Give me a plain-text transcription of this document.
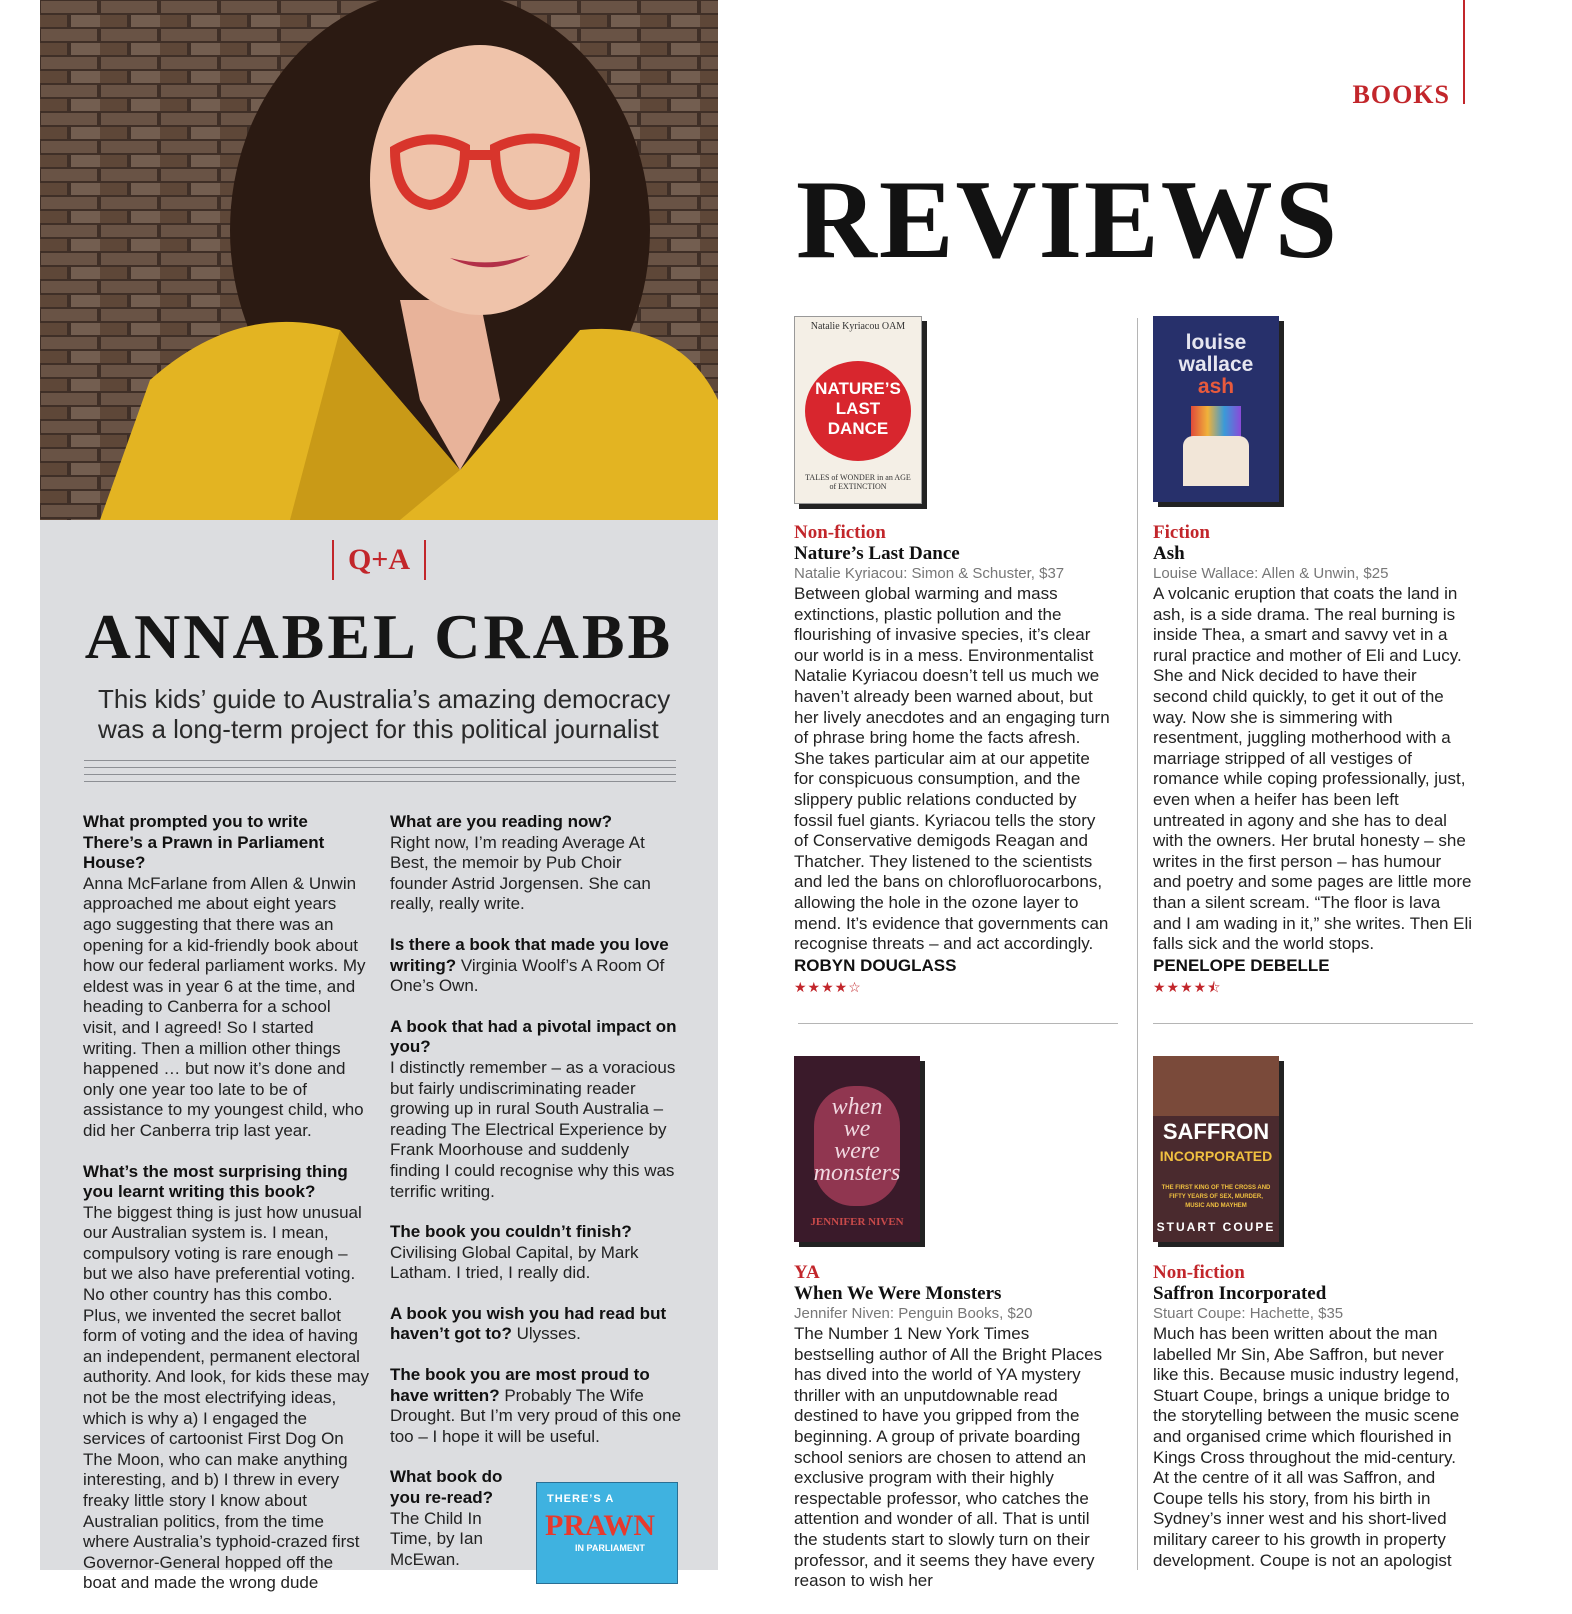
Q+A
ANNABEL CRABB
This kids’ guide to Australia’s amazing democracy was a long-term project for this political journalist

What prompted you to write There’s a Prawn in Parliament House?
Anna McFarlane from Allen & Unwin approached me about eight years ago suggesting that there was an opening for a kid-friendly book about how our federal parliament works. My eldest was in year 6 at the time, and heading to Canberra for a school visit, and I agreed! So I started writing. Then a million other things happened … but now it’s done and only one year too late to be of assistance to my youngest child, who did her Canberra trip last year.

What’s the most surprising thing you learnt writing this book?
The biggest thing is just how unusual our Australian system is. I mean, compulsory voting is rare enough – but we also have preferential voting. No other country has this combo. Plus, we invented the secret ballot form of voting and the idea of having an independent, permanent electoral authority. And look, for kids these may not be the most electrifying ideas, which is why a) I engaged the services of cartoonist First Dog On The Moon, who can make anything interesting, and b) I threw in every freaky little story I know about Australian politics, from the time where Australia’s typhoid-crazed first Governor-General hopped off the boat and made the wrong dude

What are you reading now?
Right now, I’m reading Average At Best, the memoir by Pub Choir founder Astrid Jorgensen. She can really, really write.

Is there a book that made you love writing? Virginia Woolf’s A Room Of One’s Own.

A book that had a pivotal impact on you?
I distinctly remember – as a voracious but fairly undiscriminating reader growing up in rural South Australia – reading The Electrical Experience by Frank Moorhouse and suddenly finding I could recognise why this was terrific writing.

The book you couldn’t finish?
Civilising Global Capital, by Mark Latham. I tried, I really did.

A book you wish you had read but haven’t got to? Ulysses.

The book you are most proud to have written? Probably The Wife Drought. But I’m very proud of this one too – I hope it will be useful.

What book do you re-read?
The Child In Time, by Ian McEwan.

THERE’S A
PRAWN
IN PARLIAMENT
BOOKS
REVIEWS
Natalie Kyriacou OAM
NATURE’S
LAST
DANCE
TALES of WONDER in an AGE of EXTINCTION
Non-fiction
Nature’s Last Dance
Natalie Kyriacou: Simon & Schuster, $37
Between global warming and mass extinctions, plastic pollution and the flourishing of invasive species, it’s clear our world is in a mess. Environmentalist Natalie Kyriacou doesn’t tell us much we haven’t already been warned about, but her lively anecdotes and an engaging turn of phrase bring home the facts afresh. She takes particular aim at our appetite for conspicuous consumption, and the slippery public relations conducted by fossil fuel giants. Kyriacou tells the story of Conservative demigods Reagan and Thatcher. They listened to the scientists and led the bans on chlorofluorocarbons, allowing the hole in the ozone layer to mend. It’s evidence that governments can recognise threats – and act accordingly.
ROBYN DOUGLASS
★★★★☆
louise
wallace
ash
Fiction
Ash
Louise Wallace: Allen & Unwin, $25
A volcanic eruption that coats the land in ash, is a side drama. The real burning is inside Thea, a smart and savvy vet in a rural practice and mother of Eli and Lucy. She and Nick decided to have their second child quickly, to get it out of the way. Now she is simmering with resentment, juggling motherhood with a marriage stripped of all vestiges of romance while coping professionally, just, even when a heifer has been left untreated in agony and she has to deal with the owners. Her brutal honesty – she writes in the first person – has humour and poetry and some pages are little more than a silent scream. “The floor is lava and I am wading in it,” she writes. Then Eli falls sick and the world stops.
PENELOPE DEBELLE
★★★★⯪
when
we
were
monsters
JENNIFER NIVEN
YA
When We Were Monsters
Jennifer Niven: Penguin Books, $20
The Number 1 New York Times bestselling author of All the Bright Places has dived into the world of YA mystery thriller with an unputdownable read destined to have you gripped from the beginning. A group of private boarding school seniors are chosen to attend an exclusive program with their highly respectable professor, who catches the attention and wonder of all. That is until the students start to slowly turn on their professor, and it seems they have every reason to wish her
SAFFRON
INCORPORATED
THE FIRST KING OF THE CROSS AND FIFTY YEARS OF SEX, MURDER, MUSIC AND MAYHEM
STUART COUPE
Non-fiction
Saffron Incorporated
Stuart Coupe: Hachette, $35
Much has been written about the man labelled Mr Sin, Abe Saffron, but never like this. Because music industry legend, Stuart Coupe, brings a unique bridge to the storytelling between the music scene and organised crime which flourished in Kings Cross throughout the mid-century. At the centre of it all was Saffron, and Coupe tells his story, from his birth in Sydney’s inner west and his short-lived military career to his growth in property development. Coupe is not an apologist
